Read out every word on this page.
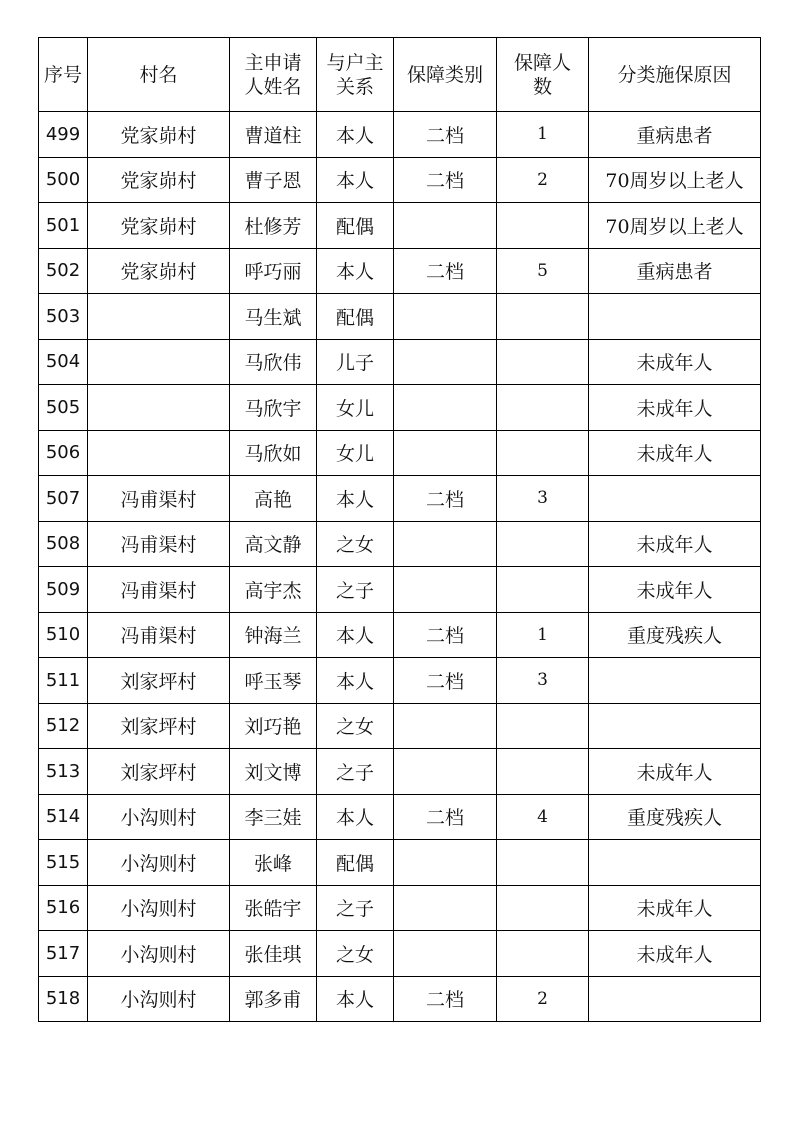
序号	村名	主申请人姓名	与户主关系	保障类别	保障人数	分类施保原因
499	党家峁村	曹道柱	本人	二档	1	重病患者
500	党家峁村	曹子恩	本人	二档	2	70周岁以上老人
501	党家峁村	杜修芳	配偶			70周岁以上老人
502	党家峁村	呼巧丽	本人	二档	5	重病患者
503		马生斌	配偶			
504		马欣伟	儿子			未成年人
505		马欣宇	女儿			未成年人
506		马欣如	女儿			未成年人
507	冯甫渠村	高艳	本人	二档	3	
508	冯甫渠村	高文静	之女			未成年人
509	冯甫渠村	高宇杰	之子			未成年人
510	冯甫渠村	钟海兰	本人	二档	1	重度残疾人
511	刘家坪村	呼玉琴	本人	二档	3	
512	刘家坪村	刘巧艳	之女			
513	刘家坪村	刘文博	之子			未成年人
514	小沟则村	李三娃	本人	二档	4	重度残疾人
515	小沟则村	张峰	配偶			
516	小沟则村	张皓宇	之子			未成年人
517	小沟则村	张佳琪	之女			未成年人
518	小沟则村	郭多甫	本人	二档	2	
